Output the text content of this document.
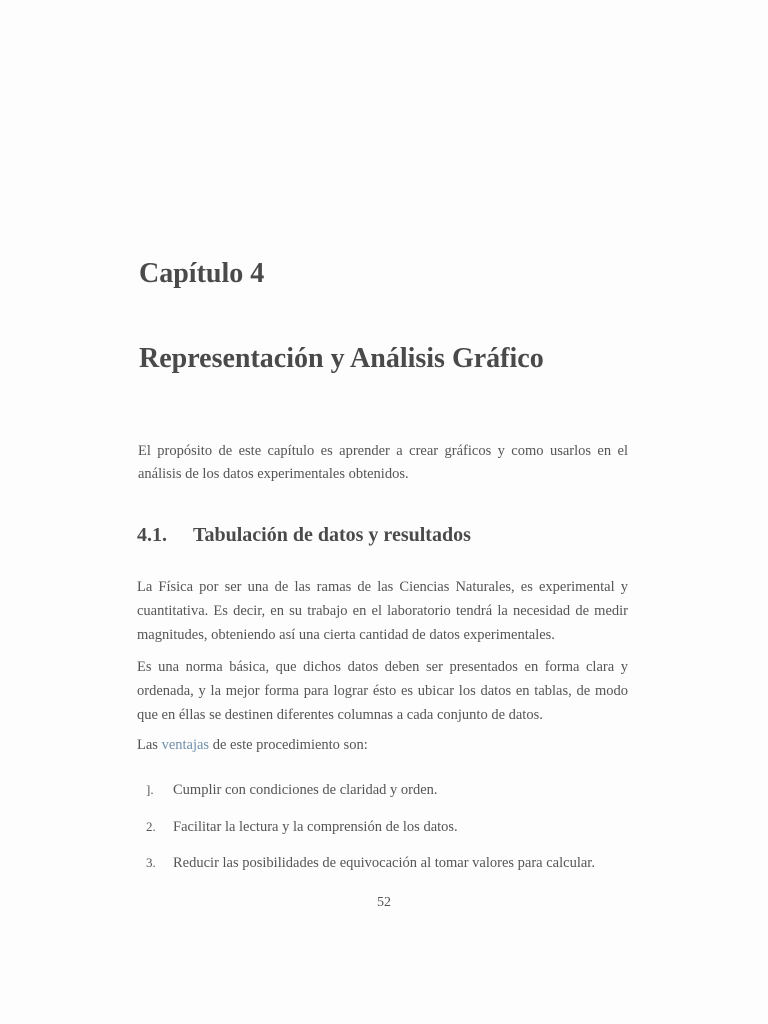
Capítulo 4
Representación y Análisis Gráfico

El propósito de este capítulo es aprender a crear gráficos y como usarlos en el análisis de los datos experimentales obtenidos.

4.1. Tabulación de datos y resultados

La Física por ser una de las ramas de las Ciencias Naturales, es experimental y cuantitativa. Es decir, en su trabajo en el laboratorio tendrá la necesidad de medir magnitudes, obteniendo así una cierta cantidad de datos experimentales.

Es una norma básica, que dichos datos deben ser presentados en forma clara y ordenada, y la mejor forma para lograr ésto es ubicar los datos en tablas, de modo que en éllas se destinen diferentes columnas a cada conjunto de datos.

Las ventajas de este procedimiento son:

]. Cumplir con condiciones de claridad y orden.
2. Facilitar la lectura y la comprensión de los datos.
3. Reducir las posibilidades de equivocación al tomar valores para calcular.
52
